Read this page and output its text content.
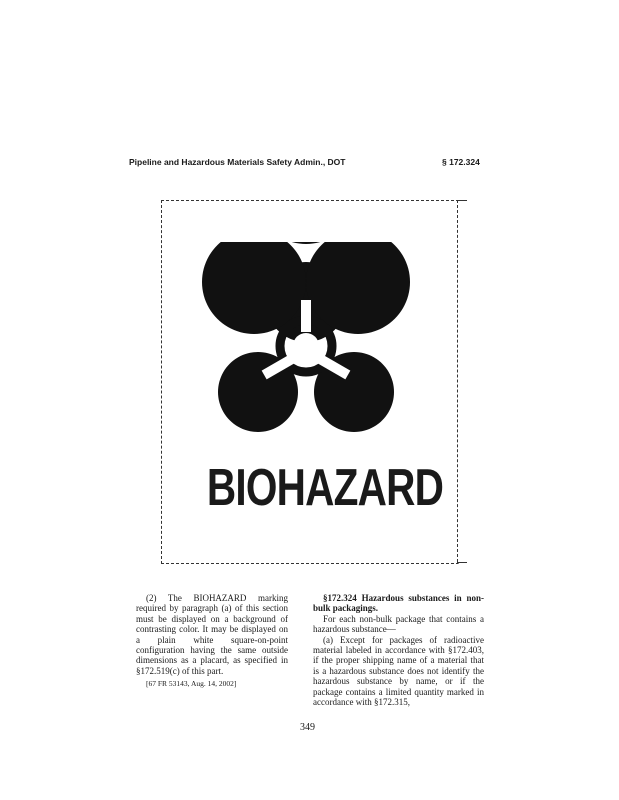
Pipeline and Hazardous Materials Safety Admin., DOT	§ 172.324
BIOHAZARD

(2) The BIOHAZARD marking required by paragraph (a) of this section must be displayed on a background of contrasting color. It may be displayed on a plain white square-on-point configuration having the same outside dimensions as a placard, as specified in §172.519(c) of this part.

[67 FR 53143, Aug. 14, 2002]

§172.324 Hazardous substances in non-bulk packagings.

For each non-bulk package that contains a hazardous substance—

(a) Except for packages of radioactive material labeled in accordance with §172.403, if the proper shipping name of a material that is a hazardous substance does not identify the hazardous substance by name, or if the package contains a limited quantity marked in accordance with §172.315,

349
